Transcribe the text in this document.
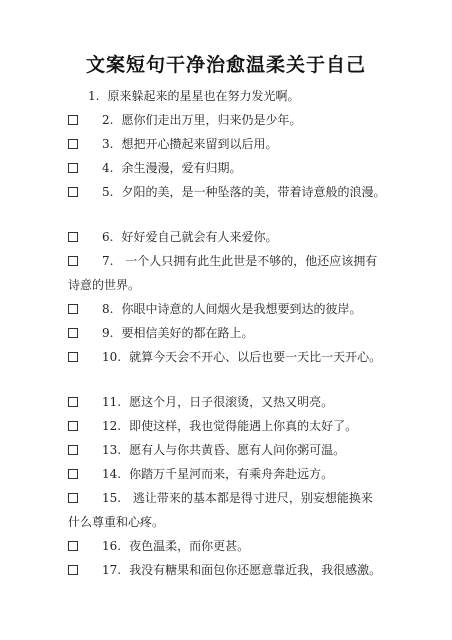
文案短句干净治愈温柔关于自己
1. 原来躲起来的星星也在努力发光啊。
2. 愿你们走出万里，归来仍是少年。
3. 想把开心攒起来留到以后用。
4. 余生漫漫，爱有归期。
5. 夕阳的美，是一种坠落的美，带着诗意般的浪漫。
6. 好好爱自己就会有人来爱你。
7. 一个人只拥有此生此世是不够的，他还应该拥有
诗意的世界。
8. 你眼中诗意的人间烟火是我想要到达的彼岸。
9. 要相信美好的都在路上。
10. 就算今天会不开心、以后也要一天比一天开心。
11. 愿这个月，日子很滚烫，又热又明亮。
12. 即使这样，我也觉得能遇上你真的太好了。
13. 愿有人与你共黄昏、愿有人问你粥可温。
14. 你踏万千星河而来，有乘舟奔赴远方。
15. 逃让带来的基本都是得寸进尺，别妄想能换来
什么尊重和心疼。
16. 夜色温柔，而你更甚。
17. 我没有糖果和面包你还愿意靠近我，我很感激。
